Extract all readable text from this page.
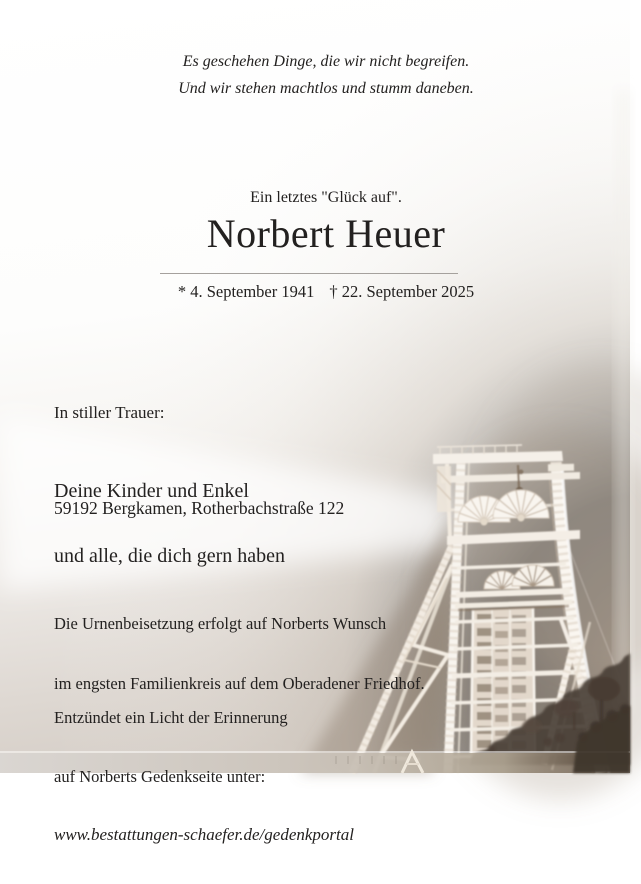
Es geschehen Dinge, die wir nicht begreifen.
Und wir stehen machtlos und stumm daneben.
Ein letztes "Glück auf".
Norbert Heuer
* 4. September 1941 † 22. September 2025
In stiller Trauer:

Deine Kinder und Enkel

und alle, die dich gern haben

59192 Bergkamen, Rotherbachstraße 122

Die Urnenbeisetzung erfolgt auf Norberts Wunsch

im engsten Familienkreis auf dem Oberadener Friedhof.

Entzündet ein Licht der Erinnerung

auf Norberts Gedenkseite unter:

www.bestattungen-schaefer.de/gedenkportal
